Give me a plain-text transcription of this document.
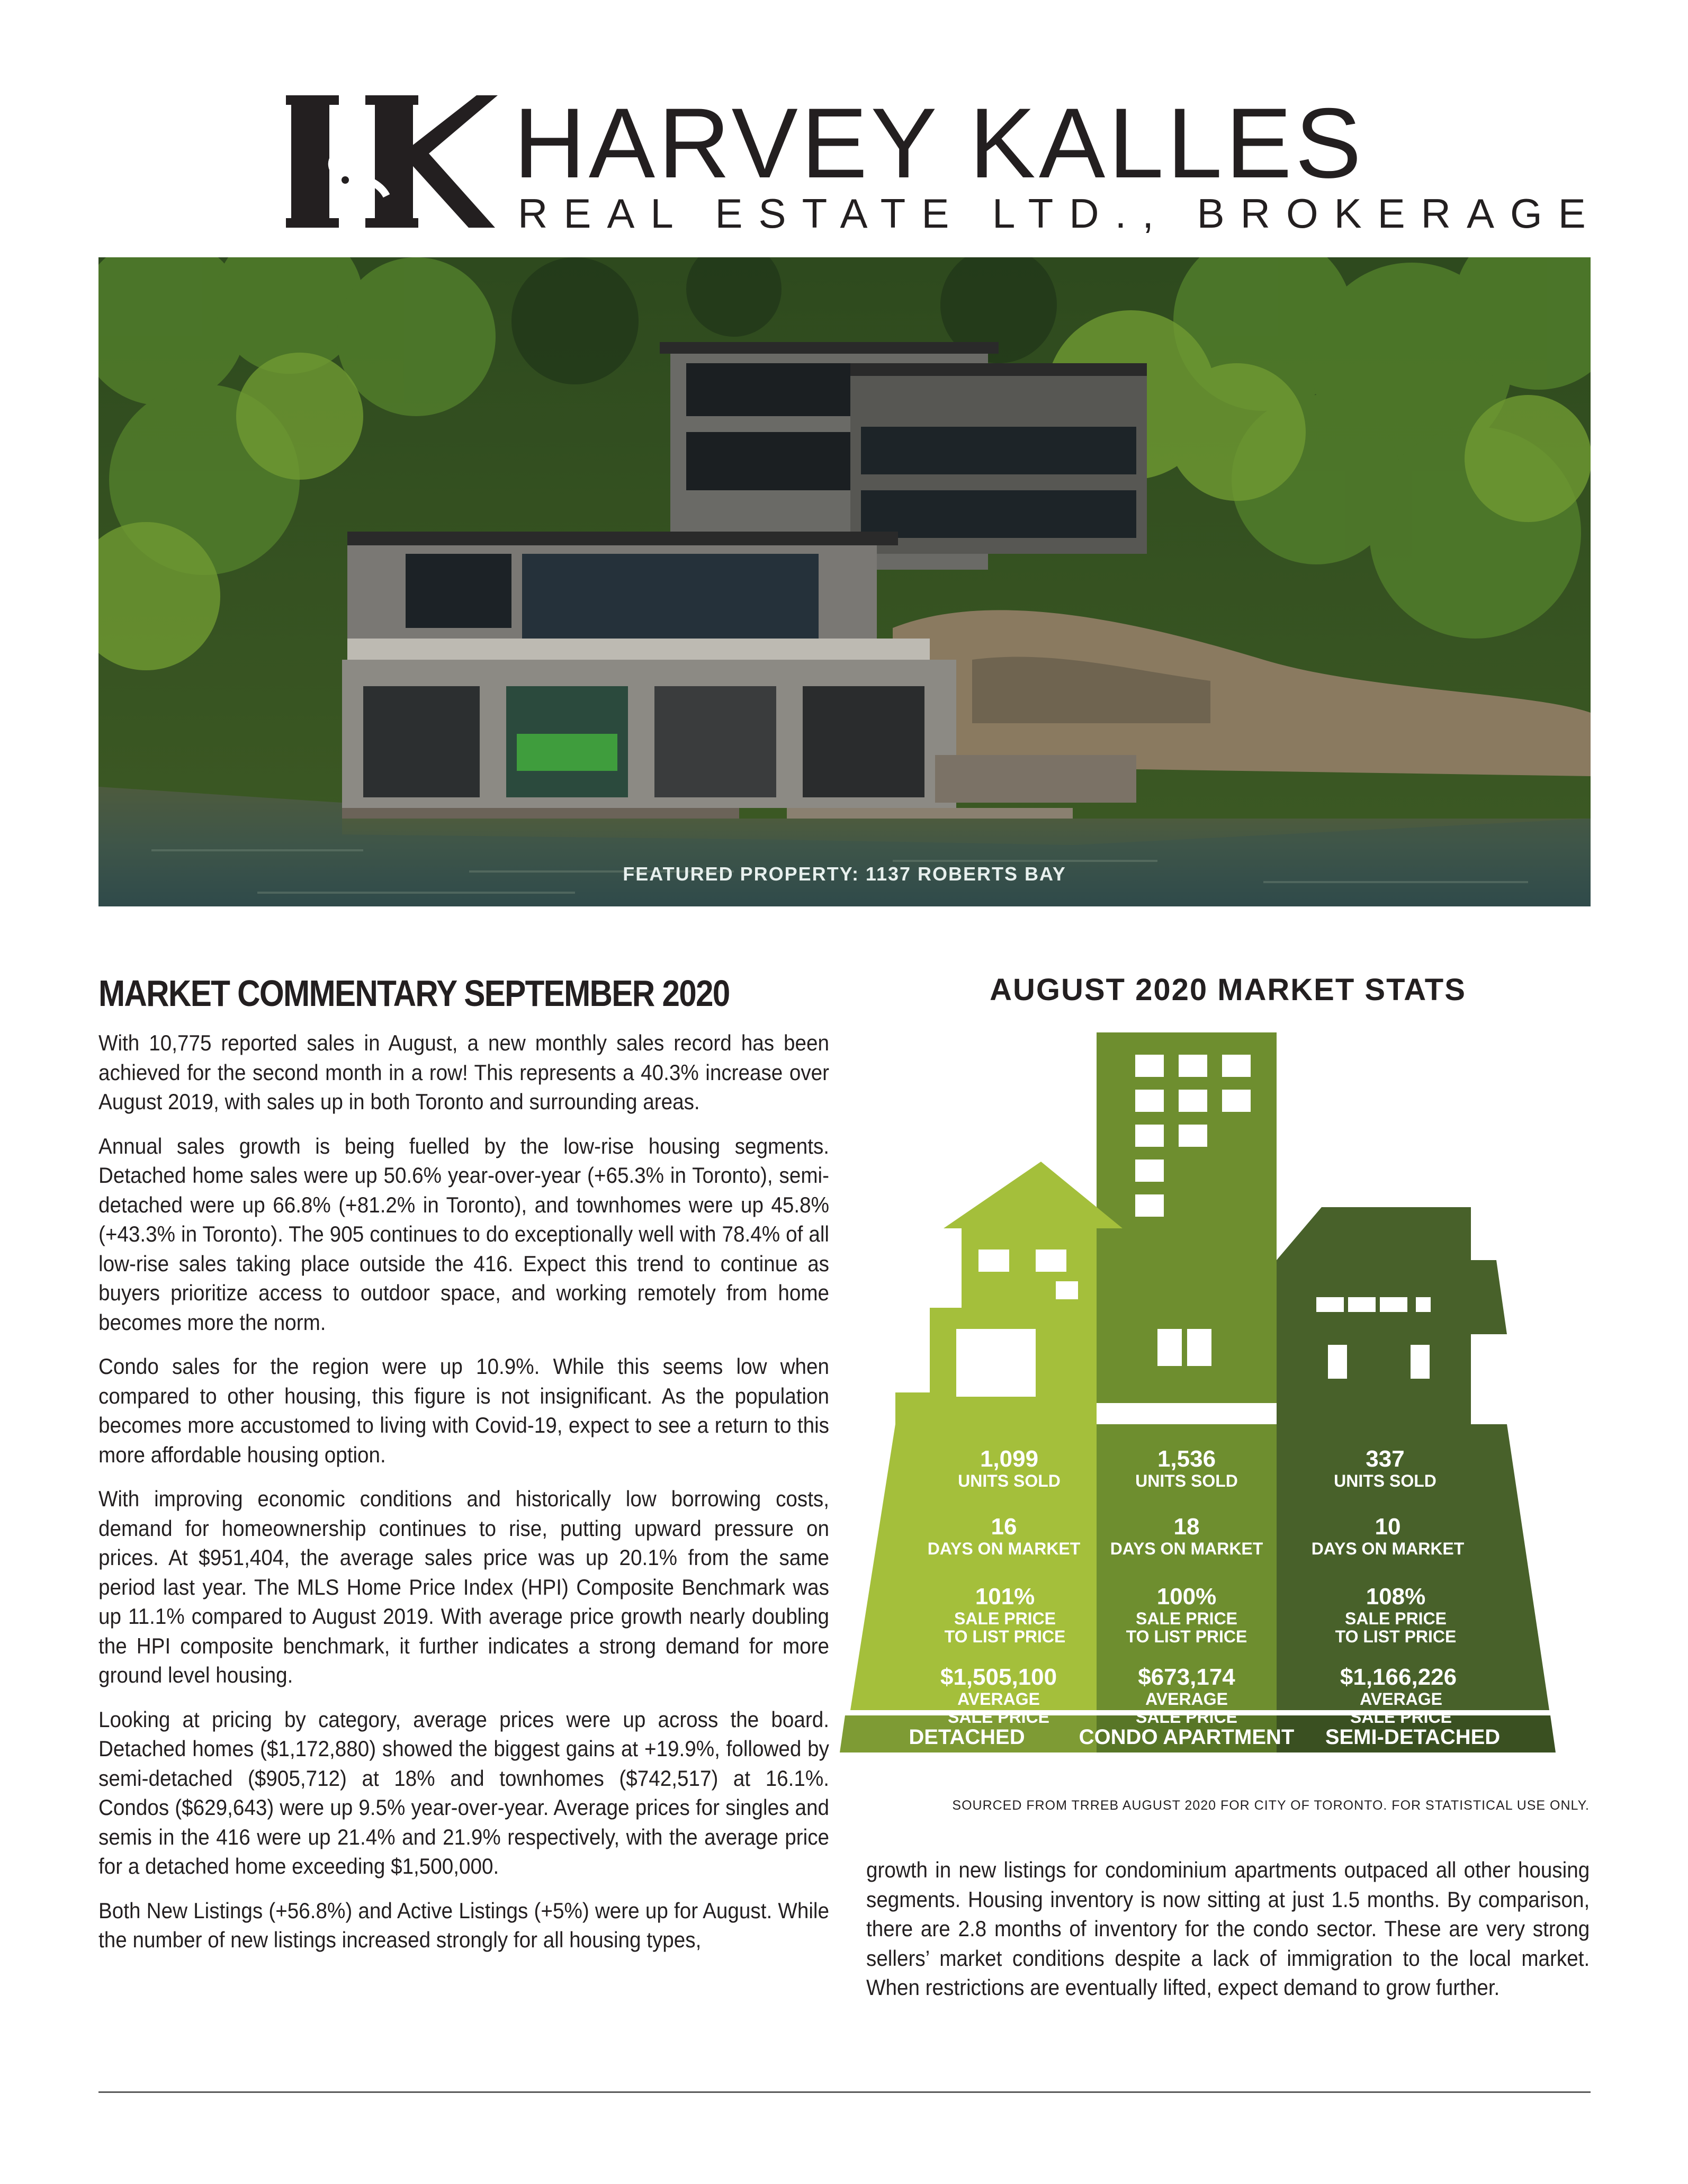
HARVEY KALLES
REAL ESTATE LTD., BROKERAGE
FEATURED PROPERTY: 1137 ROBERTS BAY
MARKET COMMENTARY SEPTEMBER 2020

With 10,775 reported sales in August, a new monthly sales record has been achieved for the second month in a row! This represents a 40.3% increase over August 2019, with sales up in both Toronto and surrounding areas.

Annual sales growth is being fuelled by the low-rise housing segments. Detached home sales were up 50.6% year-over-year (+65.3% in Toronto), semi-detached were up 66.8% (+81.2% in Toronto), and townhomes were up 45.8% (+43.3% in Toronto). The 905 continues to do exceptionally well with 78.4% of all low-rise sales taking place outside the 416. Expect this trend to continue as buyers prioritize access to outdoor space, and working remotely from home becomes more the norm.

Condo sales for the region were up 10.9%. While this seems low when compared to other housing, this figure is not insignificant. As the population becomes more accustomed to living with Covid-19, expect to see a return to this more affordable housing option.

With improving economic conditions and historically low borrowing costs, demand for homeownership continues to rise, putting upward pressure on prices. At $951,404, the average sales price was up 20.1% from the same period last year. The MLS Home Price Index (HPI) Composite Benchmark was up 11.1% compared to August 2019. With average price growth nearly doubling the HPI composite benchmark, it further indicates a strong demand for more ground level housing.

Looking at pricing by category, average prices were up across the board. Detached homes ($1,172,880) showed the biggest gains at +19.9%, followed by semi-detached ($905,712) at 18% and townhomes ($742,517) at 16.1%. Condos ($629,643) were up 9.5% year-over-year. Average prices for singles and semis in the 416 were up 21.4% and 21.9% respectively, with the average price for a detached home exceeding $1,500,000.

Both New Listings (+56.8%) and Active Listings (+5%) were up for August. While the number of new listings increased strongly for all housing types,

growth in new listings for condominium apartments outpaced all other housing segments. Housing inventory is now sitting at just 1.5 months. By comparison, there are 2.8 months of inventory for the condo sector. These are very strong sellers’ market conditions despite a lack of immigration to the local market. When restrictions are eventually lifted, expect demand to grow further.

AUGUST 2020 MARKET STATS
1,099
UNITS SOLD
16
DAYS ON MARKET
101%
SALE PRICE
TO LIST PRICE
$1,505,100
AVERAGE
SALE PRICE
DETACHED
1,536
UNITS SOLD
18
DAYS ON MARKET
100%
SALE PRICE
TO LIST PRICE
$673,174
AVERAGE
SALE PRICE
CONDO APARTMENT
337
UNITS SOLD
10
DAYS ON MARKET
108%
SALE PRICE
TO LIST PRICE
$1,166,226
AVERAGE
SALE PRICE
SEMI-DETACHED
SOURCED FROM TRREB AUGUST 2020 FOR CITY OF TORONTO. FOR STATISTICAL USE ONLY.
